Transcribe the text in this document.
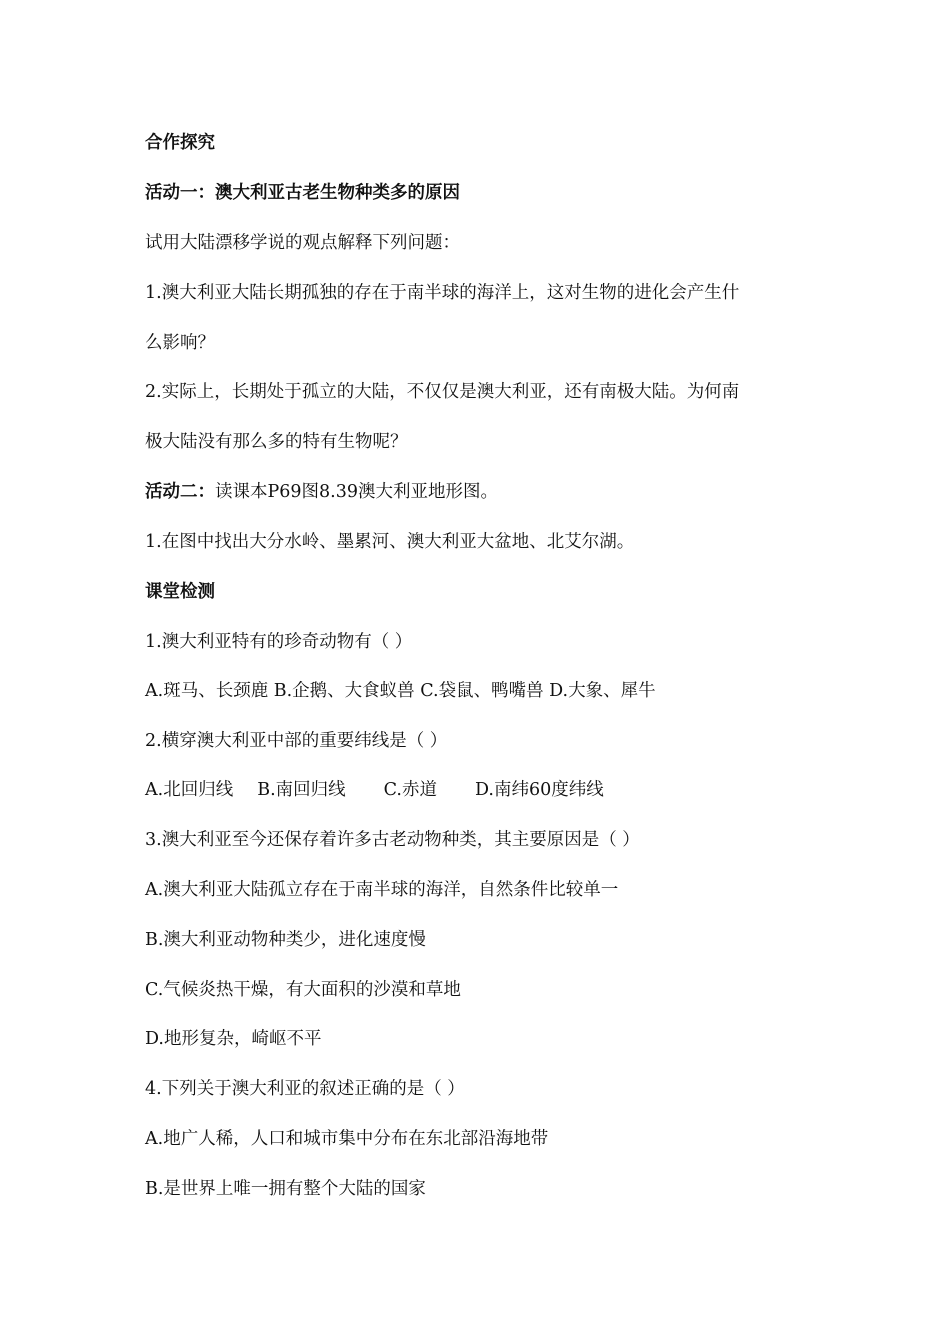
合作探究
活动一：澳大利亚古老生物种类多的原因
试用大陆漂移学说的观点解释下列问题：
1.澳大利亚大陆长期孤独的存在于南半球的海洋上，这对生物的进化会产生什
么影响？
2.实际上，长期处于孤立的大陆，不仅仅是澳大利亚，还有南极大陆。为何南
极大陆没有那么多的特有生物呢？
活动二：读课本P69图8.39澳大利亚地形图。
1.在图中找出大分水岭、墨累河、澳大利亚大盆地、北艾尔湖。
课堂检测
1.澳大利亚特有的珍奇动物有（ ）
A.斑马、长颈鹿 B.企鹅、大食蚁兽 C.袋鼠、鸭嘴兽 D.大象、犀牛
2.横穿澳大利亚中部的重要纬线是（ ）
A.北回归线 B.南回归线 C.赤道 D.南纬60度纬线
3.澳大利亚至今还保存着许多古老动物种类，其主要原因是（ ）
A.澳大利亚大陆孤立存在于南半球的海洋，自然条件比较单一
B.澳大利亚动物种类少，进化速度慢
C.气候炎热干燥，有大面积的沙漠和草地
D.地形复杂，崎岖不平
4.下列关于澳大利亚的叙述正确的是（ ）
A.地广人稀，人口和城市集中分布在东北部沿海地带
B.是世界上唯一拥有整个大陆的国家
